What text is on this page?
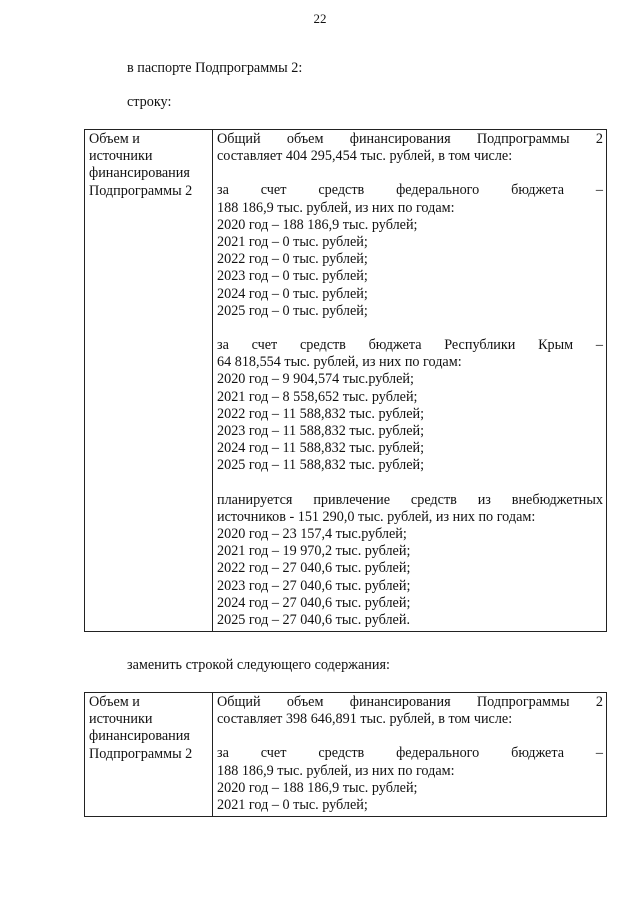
22

в паспорте Подпрограммы 2:

строку:

Объем и
источники
финансирования
Подпрограммы 2

Общий объем финансирования Подпрограммы 2
составляет 404 295,454 тыс. рублей, в том числе:
за счет средств федерального бюджета –
188 186,9 тыс. рублей, из них по годам:
2020 год – 188 186,9 тыс. рублей;
2021 год – 0 тыс. рублей;
2022 год – 0 тыс. рублей;
2023 год – 0 тыс. рублей;
2024 год – 0 тыс. рублей;
2025 год – 0 тыс. рублей;
за счет средств бюджета Республики Крым –
64 818,554 тыс. рублей, из них по годам:
2020 год – 9 904,574 тыс.рублей;
2021 год – 8 558,652 тыс. рублей;
2022 год – 11 588,832 тыс. рублей;
2023 год – 11 588,832 тыс. рублей;
2024 год – 11 588,832 тыс. рублей;
2025 год – 11 588,832 тыс. рублей;
планируется привлечение средств из внебюджетных
источников - 151 290,0 тыс. рублей, из них по годам:
2020 год – 23 157,4 тыс.рублей;
2021 год – 19 970,2 тыс. рублей;
2022 год – 27 040,6 тыс. рублей;
2023 год – 27 040,6 тыс. рублей;
2024 год – 27 040,6 тыс. рублей;
2025 год – 27 040,6 тыс. рублей.

заменить строкой следующего содержания:

Объем и
источники
финансирования
Подпрограммы 2

Общий объем финансирования Подпрограммы 2
составляет 398 646,891 тыс. рублей, в том числе:
за счет средств федерального бюджета –
188 186,9 тыс. рублей, из них по годам:
2020 год – 188 186,9 тыс. рублей;
2021 год – 0 тыс. рублей;
